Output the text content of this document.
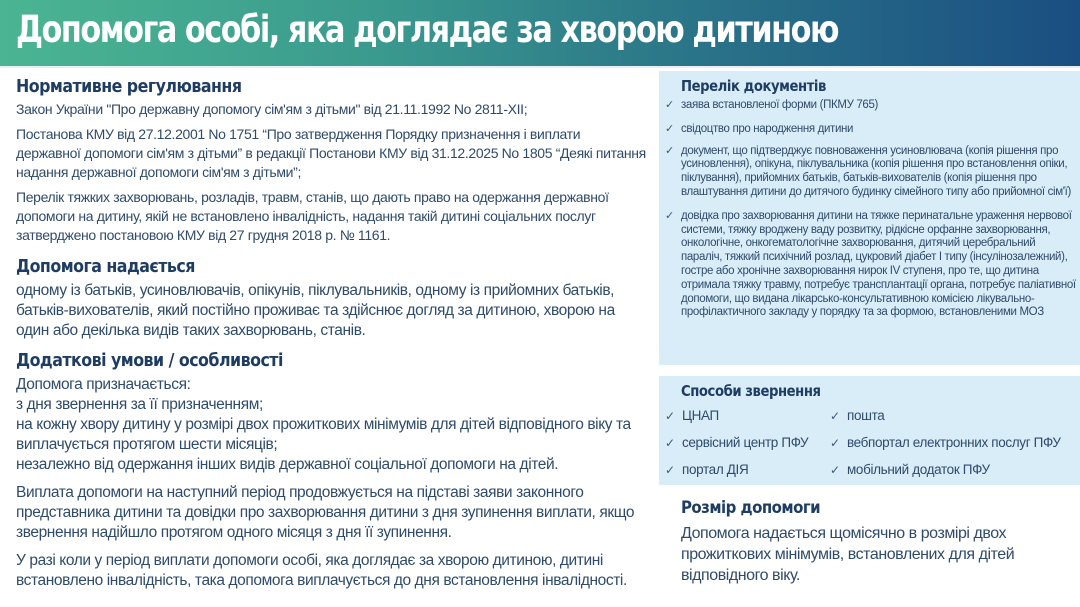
Допомога особі, яка доглядає за хворою дитиною
Нормативне регулювання

Закон України "Про державну допомогу сім'ям з дітьми" від 21.11.1992 No 2811-XII;

Постанова КМУ від 27.12.2001 No 1751 “Про затвердження Порядку призначення і виплати державної допомоги сім'ям з дітьми” в редакції Постанови КМУ від 31.12.2025 No 1805 “Деякі питання надання державної допомоги сім'ям з дітьми”;

Перелік тяжких захворювань, розладів, травм, станів, що дають право на одержання державної допомоги на дитину, якій не встановлено інвалідність, надання такій дитині соціальних послуг затверджено постановою КМУ від 27 грудня 2018 р. № 1161.

Допомога надається

одному із батьків, усиновлювачів, опікунів, піклувальників, одному із прийомних батьків, батьків-вихователів, який постійно проживає та здійснює догляд за дитиною, хворою на один або декілька видів таких захворювань, станів.

Додаткові умови / особливості

Допомога призначається:

з дня звернення за її призначенням;

на кожну хвору дитину у розмірі двох прожиткових мінімумів для дітей відповідного віку та виплачується протягом шести місяців;

незалежно від одержання інших видів державної соціальної допомоги на дітей.

Виплата допомоги на наступний період продовжується на підставі заяви законного представника дитини та довідки про захворювання дитини з дня зупинення виплати, якщо звернення надійшло протягом одного місяця з дня її зупинення.

У разі коли у період виплати допомоги особі, яка доглядає за хворою дитиною, дитині встановлено інвалідність, така допомога виплачується до дня встановлення інвалідності.

Перелік документів
✓ заява встановленої форми (ПКМУ 765)
✓ свідоцтво про народження дитини
✓ документ, що підтверджує повноваження усиновлювача (копія рішення про усиновлення), опікуна, піклувальника (копія рішення про встановлення опіки, піклування), прийомних батьків, батьків-вихователів (копія рішення про влаштування дитини до дитячого будинку сімейного типу або прийомної сім'ї)
✓ довідка про захворювання дитини на тяжке перинатальне ураження нервової системи, тяжку вроджену ваду розвитку, рідкісне орфанне захворювання, онкологічне, онкогематологічне захворювання, дитячий церебральний параліч, тяжкий психічний розлад, цукровий діабет I типу (інсулінозалежний), гостре або хронічне захворювання нирок IV ступеня, про те, що дитина отримала тяжку травму, потребує трансплантації органа, потребує паліативної допомоги, що видана лікарсько-консультативною комісією лікувально-профілактичного закладу у порядку та за формою, встановленими МОЗ
Способи звернення
✓ ЦНАП	✓ пошта
✓ сервісний центр ПФУ	✓ вебпортал електронних послуг ПФУ
✓ портал ДІЯ	✓ мобільний додаток ПФУ
Розмір допомоги
Допомога надається щомісячно в розмірі двох прожиткових мінімумів, встановлених для дітей відповідного віку.
